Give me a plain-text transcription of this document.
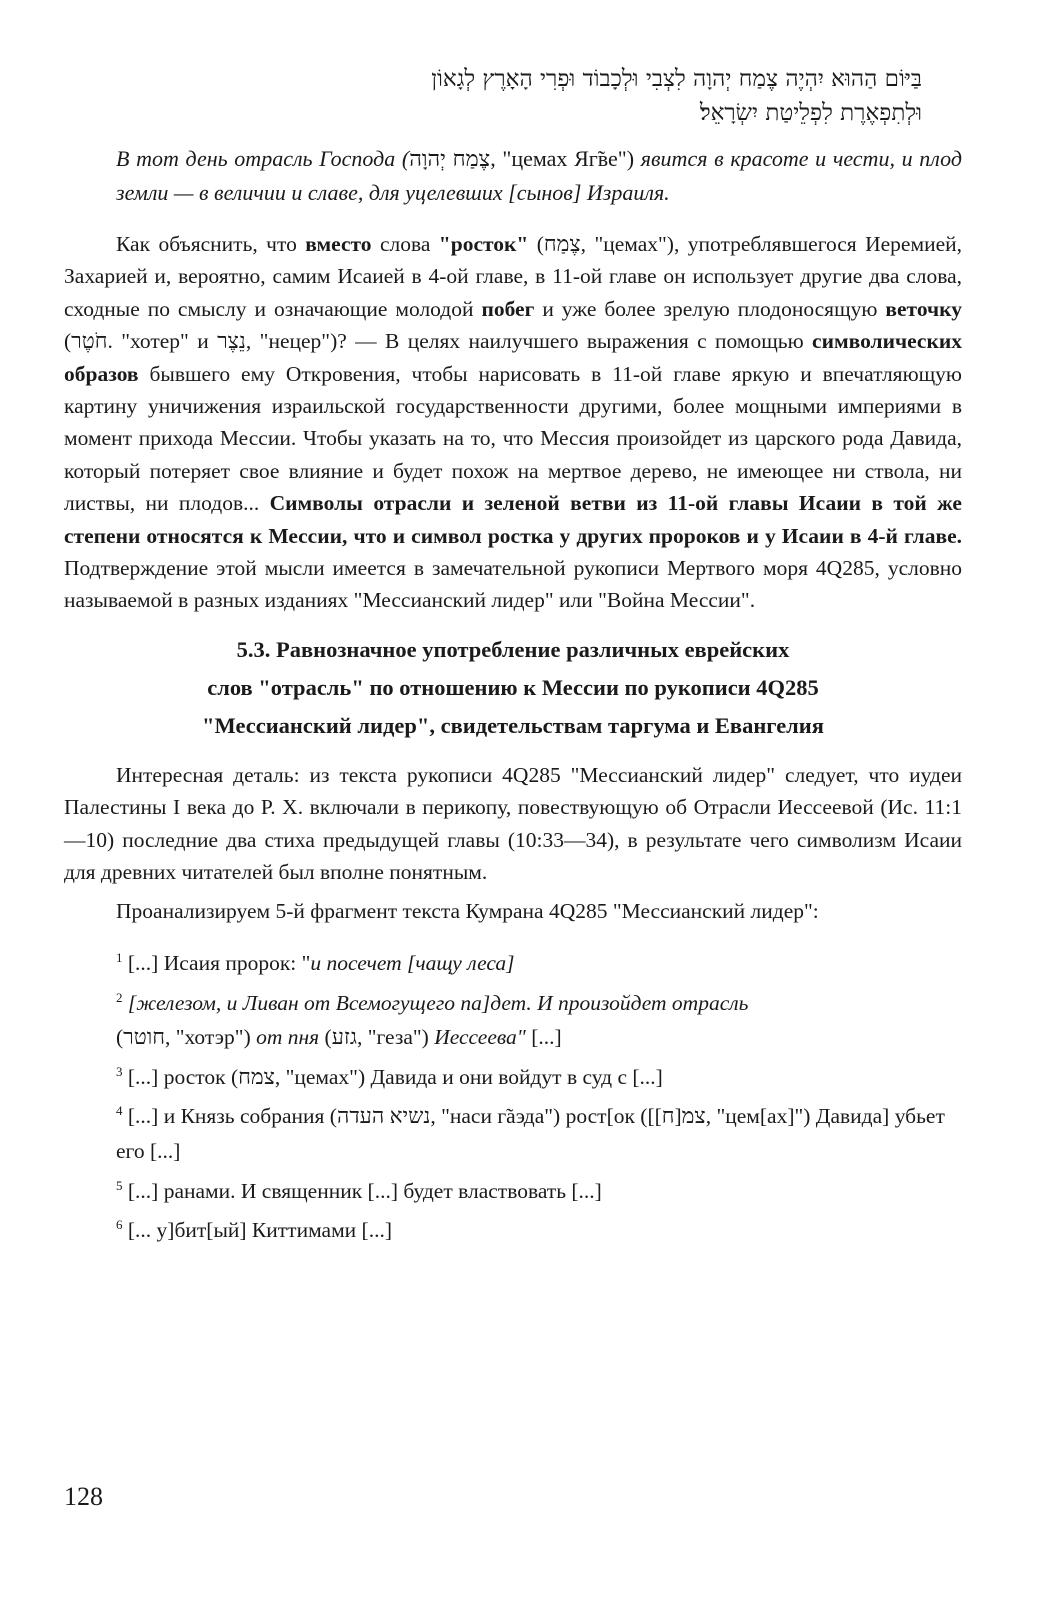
בַּיּוֹם הַהוּא יִהְיֶה צֶמַח יְהוָה לִצְבִי וּלְכָבוֹד וּפְרִי הָאָרֶץ לְגָאוֹן
וּלְתִפְאֶרֶת לִפְלֵיטַת יִשְׂרָאֵל׃
В тот день отрасль Господа (צֶמַח יְהוָה, "цемах Яг̃ве") явится в красоте и чести, и плод земли — в величии и славе, для уцелевших [сынов] Израиля.

Как объяснить, что вместо слова "росток" (צֶמַח, "цемах"), употреблявшегося Иеремией, Захарией и, вероятно, самим Исаией в 4-ой главе, в 11-ой главе он использует другие два слова, сходные по смыслу и означающие молодой побег и уже более зрелую плодоносящую веточку (חֹטֶר. "хотер" и נֵצֶר, "нецер")? — В целях наилучшего выражения с помощью символических образов бывшего ему Откровения, чтобы нарисовать в 11-ой главе яркую и впечатляющую картину уничижения израильской государственности другими, более мощными империями в момент прихода Мессии. Чтобы указать на то, что Мессия произойдет из царского рода Давида, который потеряет свое влияние и будет похож на мертвое дерево, не имеющее ни ствола, ни листвы, ни плодов... Символы отрасли и зеленой ветви из 11-ой главы Исаии в той же степени относятся к Мессии, что и символ ростка у других пророков и у Исаии в 4-й главе. Подтверждение этой мысли имеется в замечательной рукописи Мертвого моря 4Q285, условно называемой в разных изданиях "Мессианский лидер" или "Война Мессии".

5.3. Равнозначное употребление различных еврейских
слов "отрасль" по отношению к Мессии по рукописи 4Q285
"Мессианский лидер", свидетельствам таргума и Евангелия

Интересная деталь: из текста рукописи 4Q285 "Мессианский лидер" следует, что иудеи Палестины I века до Р. Х. включали в перикопу, повествующую об Отрасли Иессеевой (Ис. 11:1—10) последние два стиха предыдущей главы (10:33—34), в результате чего символизм Исаии для древних читателей был вполне понятным.

Проанализируем 5-й фрагмент текста Кумрана 4Q285 "Мессианский лидер":

$^1$ [...] Исаия пророк: "и посечет [чащу леса]
$^2$ [железом, и Ливан от Всемогущего па]дет. И произойдет отрасль
(חוטר, "хотэр") от пня (גזע, "геза") Иессеева" [...]
$^3$ [...] росток (צמח, "цемах") Давида и они войдут в суд с [...]
$^4$ [...] и Князь собрания (נשיא העדה, "наси г̃аэда") рост[ок ([ צמ[ח] , "цем[ах]") Давида] убьет его [...]
$^5$ [...] ранами. И священник [...] будет властвовать [...]
$^6$ [... у]бит[ый] Киттимами [...]
128
